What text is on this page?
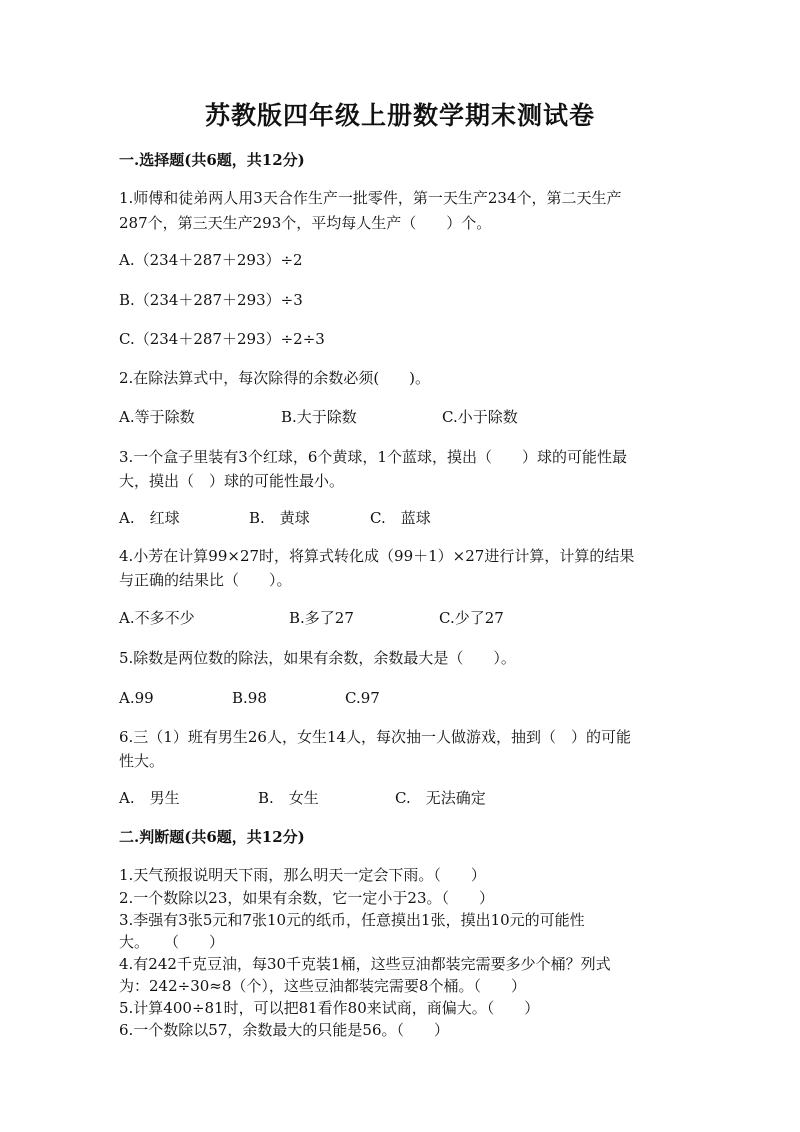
苏教版四年级上册数学期末测试卷
一.选择题(共6题，共12分)
1.师傅和徒弟两人用3天合作生产一批零件，第一天生产234个，第二天生产
287个，第三天生产293个，平均每人生产（　　）个。
A.（234＋287＋293）÷2
B.（234＋287＋293）÷3
C.（234＋287＋293）÷2÷3
2.在除法算式中，每次除得的余数必须(　　)。
A.等于除数	B.大于除数	C.小于除数
3.一个盒子里装有3个红球，6个黄球，1个蓝球，摸出（　　）球的可能性最
大，摸出（　）球的可能性最小。
A.　红球	B.　黄球	C.　蓝球
4.小芳在计算99×27时，将算式转化成（99＋1）×27进行计算，计算的结果
与正确的结果比（　　）。
A.不多不少	B.多了27	C.少了27
5.除数是两位数的除法，如果有余数，余数最大是（　　）。
A.99	B.98	C.97
6.三（1）班有男生26人，女生14人，每次抽一人做游戏，抽到（　）的可能
性大。
A.　男生	B.　女生	C.　无法确定
二.判断题(共6题，共12分)
1.天气预报说明天下雨，那么明天一定会下雨。（　　）
2.一个数除以23，如果有余数，它一定小于23。（　　）
3.李强有3张5元和7张10元的纸币，任意摸出1张，摸出10元的可能性
大。　　（　　）
4.有242千克豆油，每30千克装1桶，这些豆油都装完需要多少个桶？列式
为：242÷30≈8（个），这些豆油都装完需要8个桶。（　　）
5.计算400÷81时，可以把81看作80来试商，商偏大。（　　）
6.一个数除以57，余数最大的只能是56。（　　）
